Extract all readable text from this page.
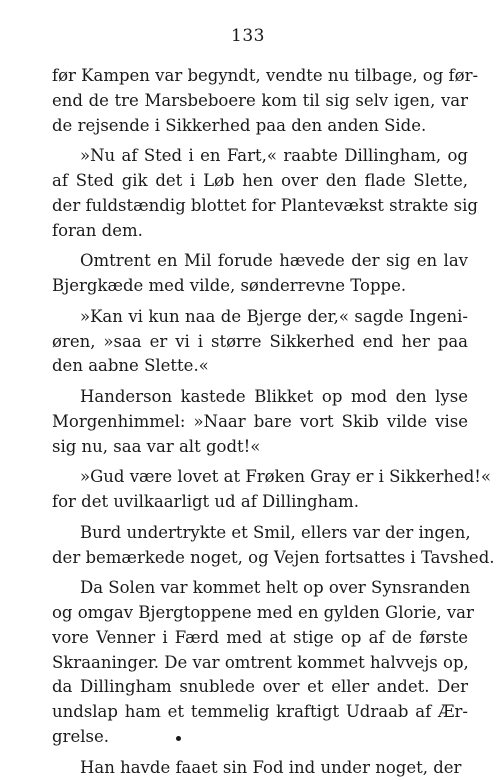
133
før Kampen var begyndt, vendte nu tilbage, og før-
end de tre Marsbeboere kom til sig selv igen, var
de rejsende i Sikkerhed paa den anden Side.
»Nu af Sted i en Fart,« raabte Dillingham, og
af Sted gik det i Løb hen over den flade Slette,
der fuldstændig blottet for Plantevækst strakte sig
foran dem.
Omtrent en Mil forude hævede der sig en lav
Bjergkæde med vilde, sønderrevne Toppe.
»Kan vi kun naa de Bjerge der,« sagde Ingeni-
øren, »saa er vi i større Sikkerhed end her paa
den aabne Slette.«
Handerson kastede Blikket op mod den lyse
Morgenhimmel: »Naar bare vort Skib vilde vise
sig nu, saa var alt godt!«
»Gud være lovet at Frøken Gray er i Sikkerhed!«
for det uvilkaarligt ud af Dillingham.
Burd undertrykte et Smil, ellers var der ingen,
der bemærkede noget, og Vejen fortsattes i Tavshed.
Da Solen var kommet helt op over Synsranden
og omgav Bjergtoppene med en gylden Glorie, var
vore Venner i Færd med at stige op af de første
Skraaninger. De var omtrent kommet halvvejs op,
da Dillingham snublede over et eller andet. Der
undslap ham et temmelig kraftigt Udraab af Ær-
grelse.
Han havde faaet sin Fod ind under noget, der
